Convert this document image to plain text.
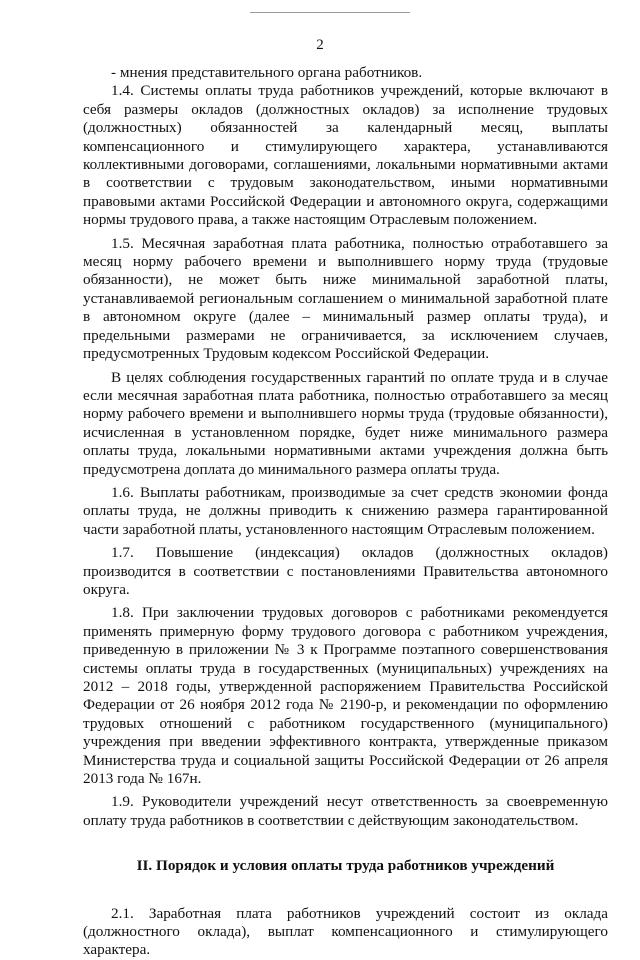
2

- мнения представительного органа работников.

1.4. Системы оплаты труда работников учреждений, которые включают в себя размеры окладов (должностных окладов) за исполнение трудовых (должностных) обязанностей за календарный месяц, выплаты компенсационного и стимулирующего характера, устанавливаются коллективными договорами, соглашениями, локальными нормативными актами в соответствии с трудовым законодательством, иными нормативными правовыми актами Российской Федерации и автономного округа, содержащими нормы трудового права, а также настоящим Отраслевым положением.

1.5. Месячная заработная плата работника, полностью отработавшего за месяц норму рабочего времени и выполнившего норму труда (трудовые обязанности), не может быть ниже минимальной заработной платы, устанавливаемой региональным соглашением о минимальной заработной плате в автономном округе (далее – минимальный размер оплаты труда), и предельными размерами не ограничивается, за исключением случаев, предусмотренных Трудовым кодексом Российской Федерации.

В целях соблюдения государственных гарантий по оплате труда и в случае если месячная заработная плата работника, полностью отработавшего за месяц норму рабочего времени и выполнившего нормы труда (трудовые обязанности), исчисленная в установленном порядке, будет ниже минимального размера оплаты труда, локальными нормативными актами учреждения должна быть предусмотрена доплата до минимального размера оплаты труда.

1.6. Выплаты работникам, производимые за счет средств экономии фонда оплаты труда, не должны приводить к снижению размера гарантированной части заработной платы, установленного настоящим Отраслевым положением.

1.7. Повышение (индексация) окладов (должностных окладов) производится в соответствии с постановлениями Правительства автономного округа.

1.8. При заключении трудовых договоров с работниками рекомендуется применять примерную форму трудового договора с работником учреждения, приведенную в приложении № 3 к Программе поэтапного совершенствования системы оплаты труда в государственных (муниципальных) учреждениях на 2012 – 2018 годы, утвержденной распоряжением Правительства Российской Федерации от 26 ноября 2012 года № 2190-р, и рекомендации по оформлению трудовых отношений с работником государственного (муниципального) учреждения при введении эффективного контракта, утвержденные приказом Министерства труда и социальной защиты Российской Федерации от 26 апреля 2013 года № 167н.

1.9. Руководители учреждений несут ответственность за своевременную оплату труда работников в соответствии с действующим законодательством.

II. Порядок и условия оплаты труда работников учреждений

2.1. Заработная плата работников учреждений состоит из оклада (должностного оклада), выплат компенсационного и стимулирующего характера.
